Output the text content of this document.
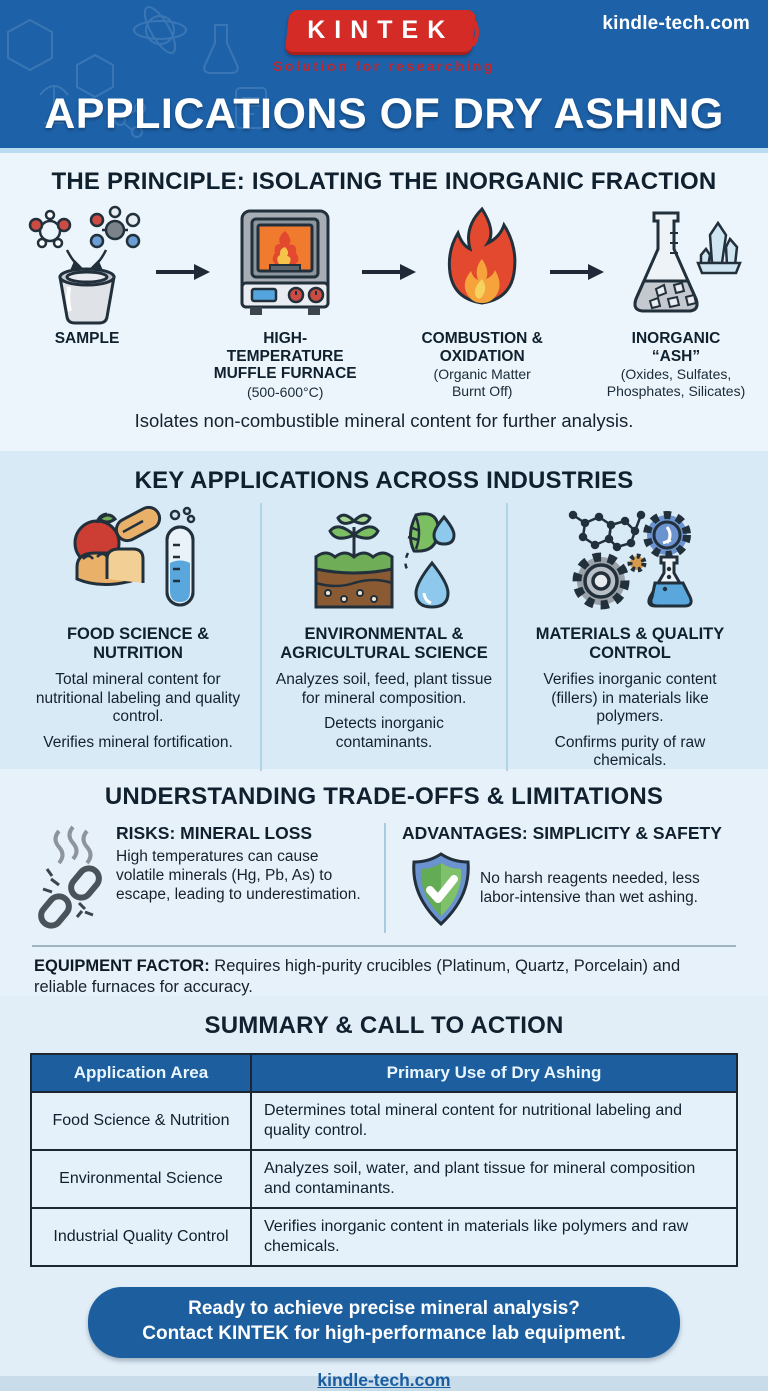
kindle-tech.com
KINTEK )
Solution for researching
APPLICATIONS OF DRY ASHING
THE PRINCIPLE: ISOLATING THE INORGANIC FRACTION
SAMPLE	HIGH-TEMPERATURE MUFFLE FURNACE
(500-600°C)
COMBUSTION & OXIDATION
(Organic Matter Burnt Off)
INORGANIC “ASH”
(Oxides, Sulfates, Phosphates, Silicates)
Isolates non-combustible mineral content for further analysis.
KEY APPLICATIONS ACROSS INDUSTRIES
FOOD SCIENCE & NUTRITION
Total mineral content for nutritional labeling and quality control.
Verifies mineral fortification.
ENVIRONMENTAL & AGRICULTURAL SCIENCE
Analyzes soil, feed, plant tissue for mineral composition.
Detects inorganic contaminants.
MATERIALS & QUALITY CONTROL
Verifies inorganic content (fillers) in materials like polymers.
Confirms purity of raw chemicals.
UNDERSTANDING TRADE-OFFS & LIMITATIONS
RISKS: MINERAL LOSS
High temperatures can cause volatile minerals (Hg, Pb, As) to escape, leading to underestimation.
ADVANTAGES: SIMPLICITY & SAFETY
No harsh reagents needed, less labor-intensive than wet ashing.
EQUIPMENT FACTOR: Requires high-purity crucibles (Platinum, Quartz, Porcelain) and reliable furnaces for accuracy.
SUMMARY & CALL TO ACTION
Application Area	Primary Use of Dry Ashing
Food Science & Nutrition	Determines total mineral content for nutritional labeling and quality control.
Environmental Science	Analyzes soil, water, and plant tissue for mineral composition and contaminants.
Industrial Quality Control	Verifies inorganic content in materials like polymers and raw chemicals.
Ready to achieve precise mineral analysis?
Contact KINTEK for high-performance lab equipment.
kindle-tech.com
